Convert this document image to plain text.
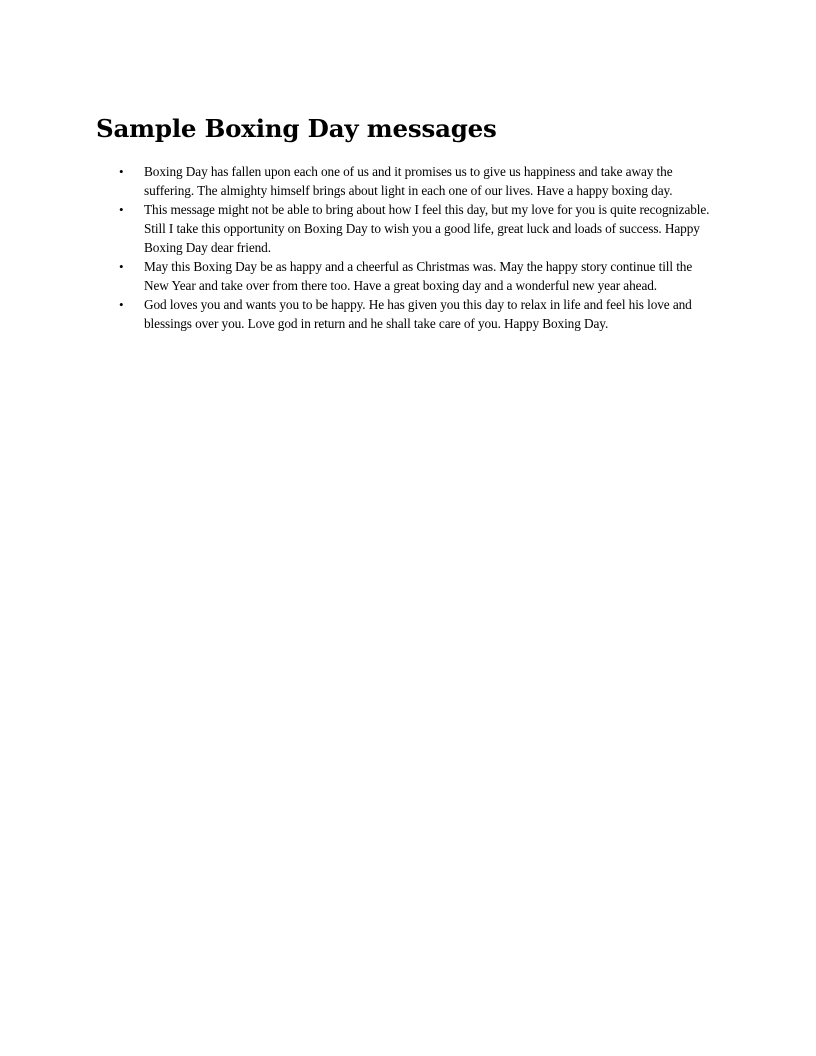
Sample Boxing Day messages
• Boxing Day has fallen upon each one of us and it promises us to give us happiness and take away the suffering. The almighty himself brings about light in each one of our lives. Have a happy boxing day.
• This message might not be able to bring about how I feel this day, but my love for you is quite recognizable. Still I take this opportunity on Boxing Day to wish you a good life, great luck and loads of success. Happy Boxing Day dear friend.
• May this Boxing Day be as happy and a cheerful as Christmas was. May the happy story continue till the New Year and take over from there too. Have a great boxing day and a wonderful new year ahead.
• God loves you and wants you to be happy. He has given you this day to relax in life and feel his love and blessings over you. Love god in return and he shall take care of you. Happy Boxing Day.
